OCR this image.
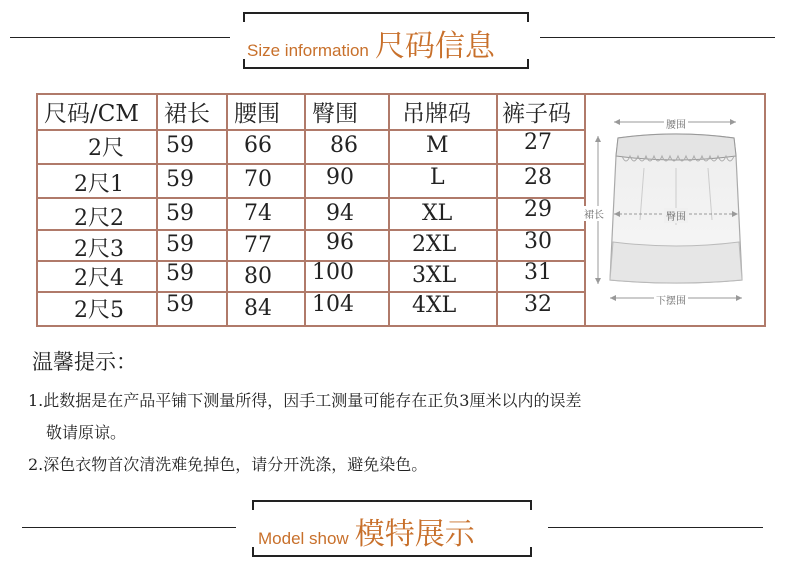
Size information 尺码信息
尺码/CM 裙长 腰围 臀围 吊牌码 裤子码
2尺 59 66	86	M	27
2尺1 59 70 90	L	28
2尺2 59 74 94	XL	29
2尺3 59 77 96	2XL	30
2尺4 59 80 100	3XL	31
2尺5 59 84 104	4XL	32
腰围
裙长	臀围
下摆围
温馨提示：
1.此数据是在产品平铺下测量所得，因手工测量可能存在正负3厘米以内的误差
敬请原谅。
2.深色衣物首次清洗难免掉色，请分开洗涤，避免染色。
Model show 模特展示
